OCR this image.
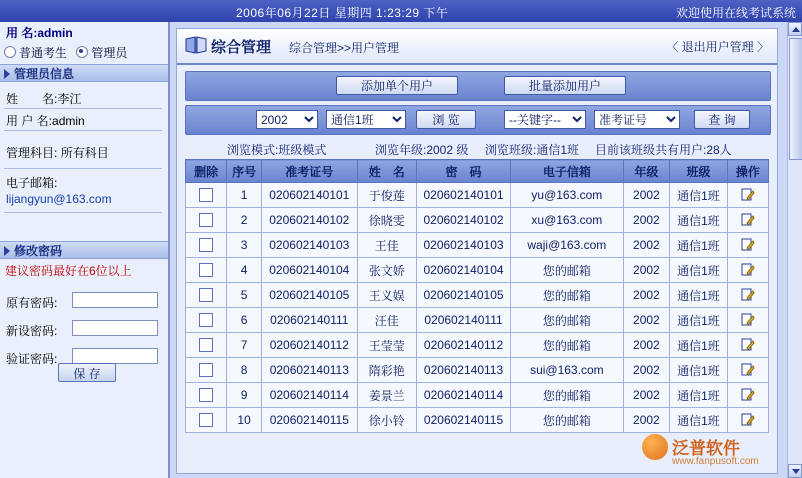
2006年06月22日 星期四 1:23:29 下午	欢迎使用在线考试系统
用 名:admin
普通考生 管理员
管理员信息
姓　　名:李江
用 户 名:admin
管理科目: 所有科目
电子邮箱:
lijangyun@163.com
修改密码
建议密码最好在6位以上
原有密码:
新设密码:
验证密码:
保 存
综合管理 综合管理>>用户管理	〈 退出用户管理 〉
添加单个用户	批量添加用户
2002
通信1班
浏 览
--关键字--
准考证号	查 询
浏览模式:班级模式	浏览年级:2002 级 浏览班级:通信1班 目前该班级共有用户:28人
删除	序号	准考证号	姓　名	密　码	电子信箱	年级	班级	操作
	1	020602140101	于俊莲	020602140101	yu@163.com	2002	通信1班	
	2	020602140102	徐晓雯	020602140102	xu@163.com	2002	通信1班	
	3	020602140103	王佳	020602140103	waji@163.com	2002	通信1班	
	4	020602140104	张文娇	020602140104	您的邮箱	2002	通信1班	
	5	020602140105	王义娱	020602140105	您的邮箱	2002	通信1班	
	6	020602140111	汪佳	020602140111	您的邮箱	2002	通信1班	
	7	020602140112	王莹莹	020602140112	您的邮箱	2002	通信1班	
	8	020602140113	隋彩艳	020602140113	sui@163.com	2002	通信1班	
	9	020602140114	姜景兰	020602140114	您的邮箱	2002	通信1班	
	10	020602140115	徐小铃	020602140115	您的邮箱	2002	通信1班	
泛普软件
www.fanpusoft.com
